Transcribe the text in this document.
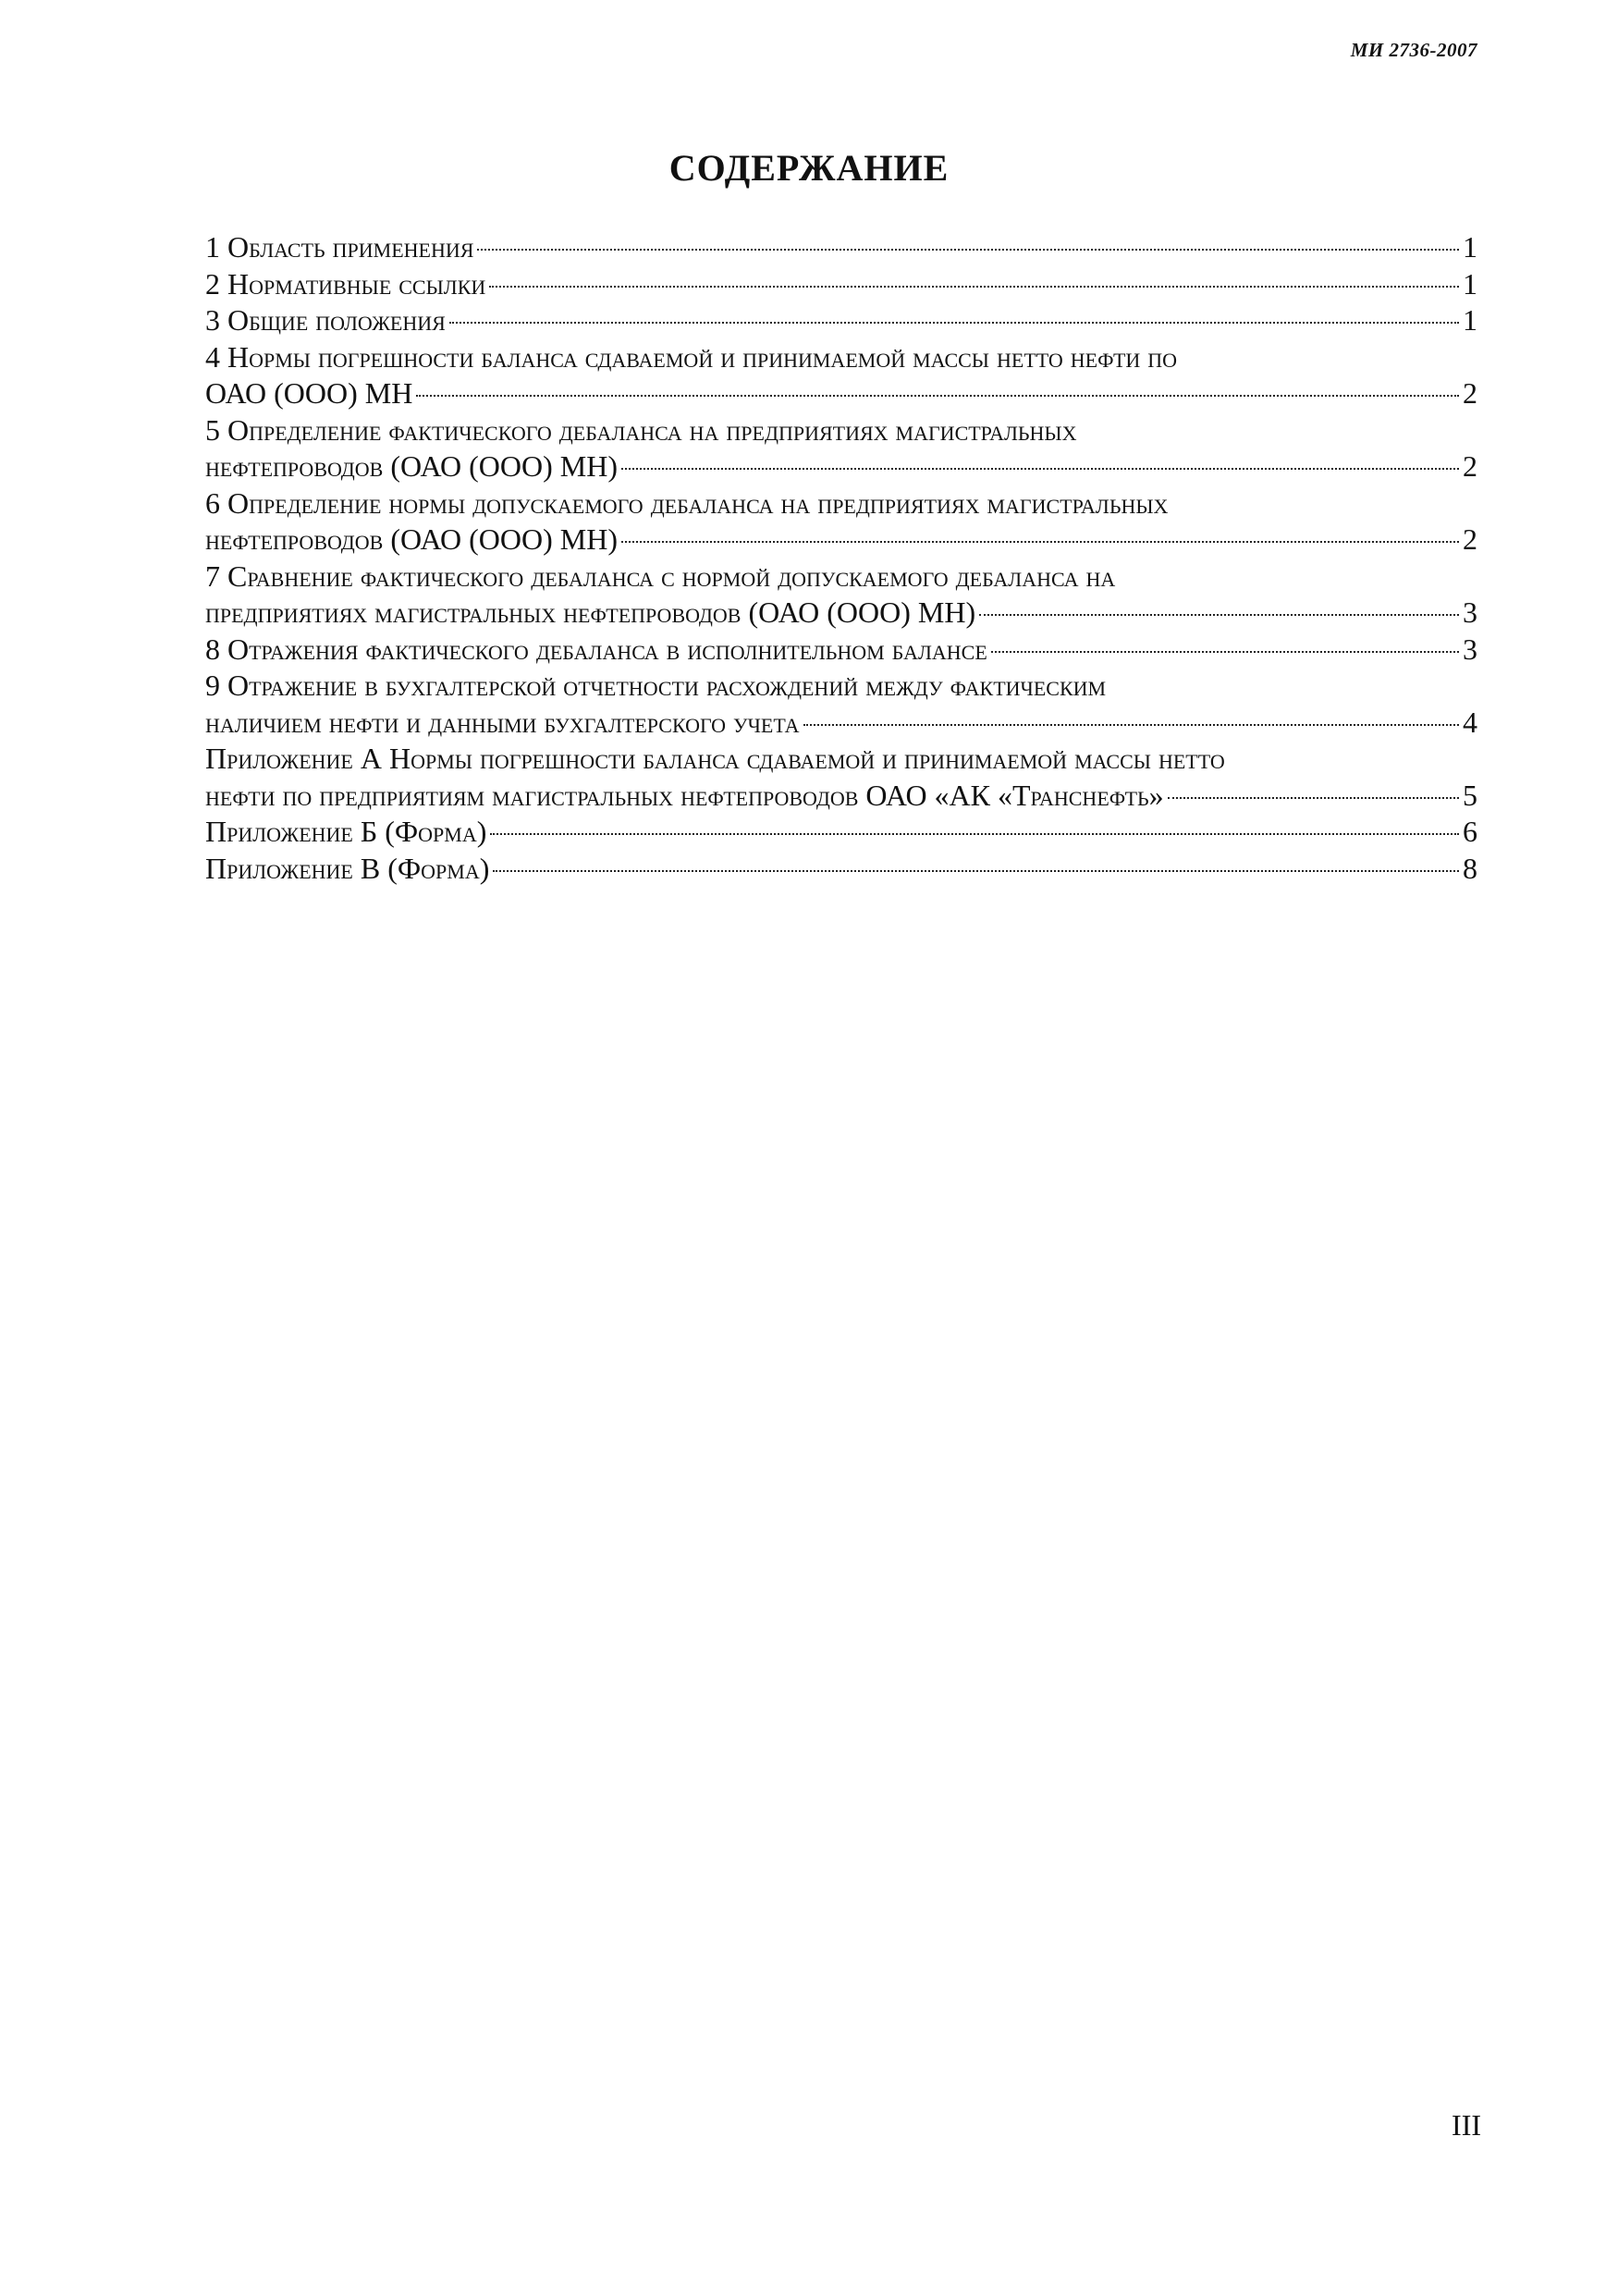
МИ 2736-2007
СОДЕРЖАНИЕ
1 Область применения	1
2 Нормативные ссылки	1
3 Общие положения	1
4 Нормы погрешности баланса сдаваемой и принимаемой массы нетто нефти по
ОАО (ООО) МН	2
5 Определение фактического дебаланса на предприятиях магистральных
нефтепроводов (ОАО (ООО) МН)	2
6 Определение нормы допускаемого дебаланса на предприятиях магистральных
нефтепроводов (ОАО (ООО) МН)	2
7 Сравнение фактического дебаланса с нормой допускаемого дебаланса на
предприятиях магистральных нефтепроводов (ОАО (ООО) МН)	3
8 Отражения фактического дебаланса в исполнительном балансе	3
9 Отражение в бухгалтерской отчетности расхождений между фактическим
наличием нефти и данными бухгалтерского учета	4
Приложение А Нормы погрешности баланса сдаваемой и принимаемой массы нетто
нефти по предприятиям магистральных нефтепроводов ОАО «АК «Транснефть»	5
Приложение Б (Форма)	6
Приложение В (Форма)	8
III
